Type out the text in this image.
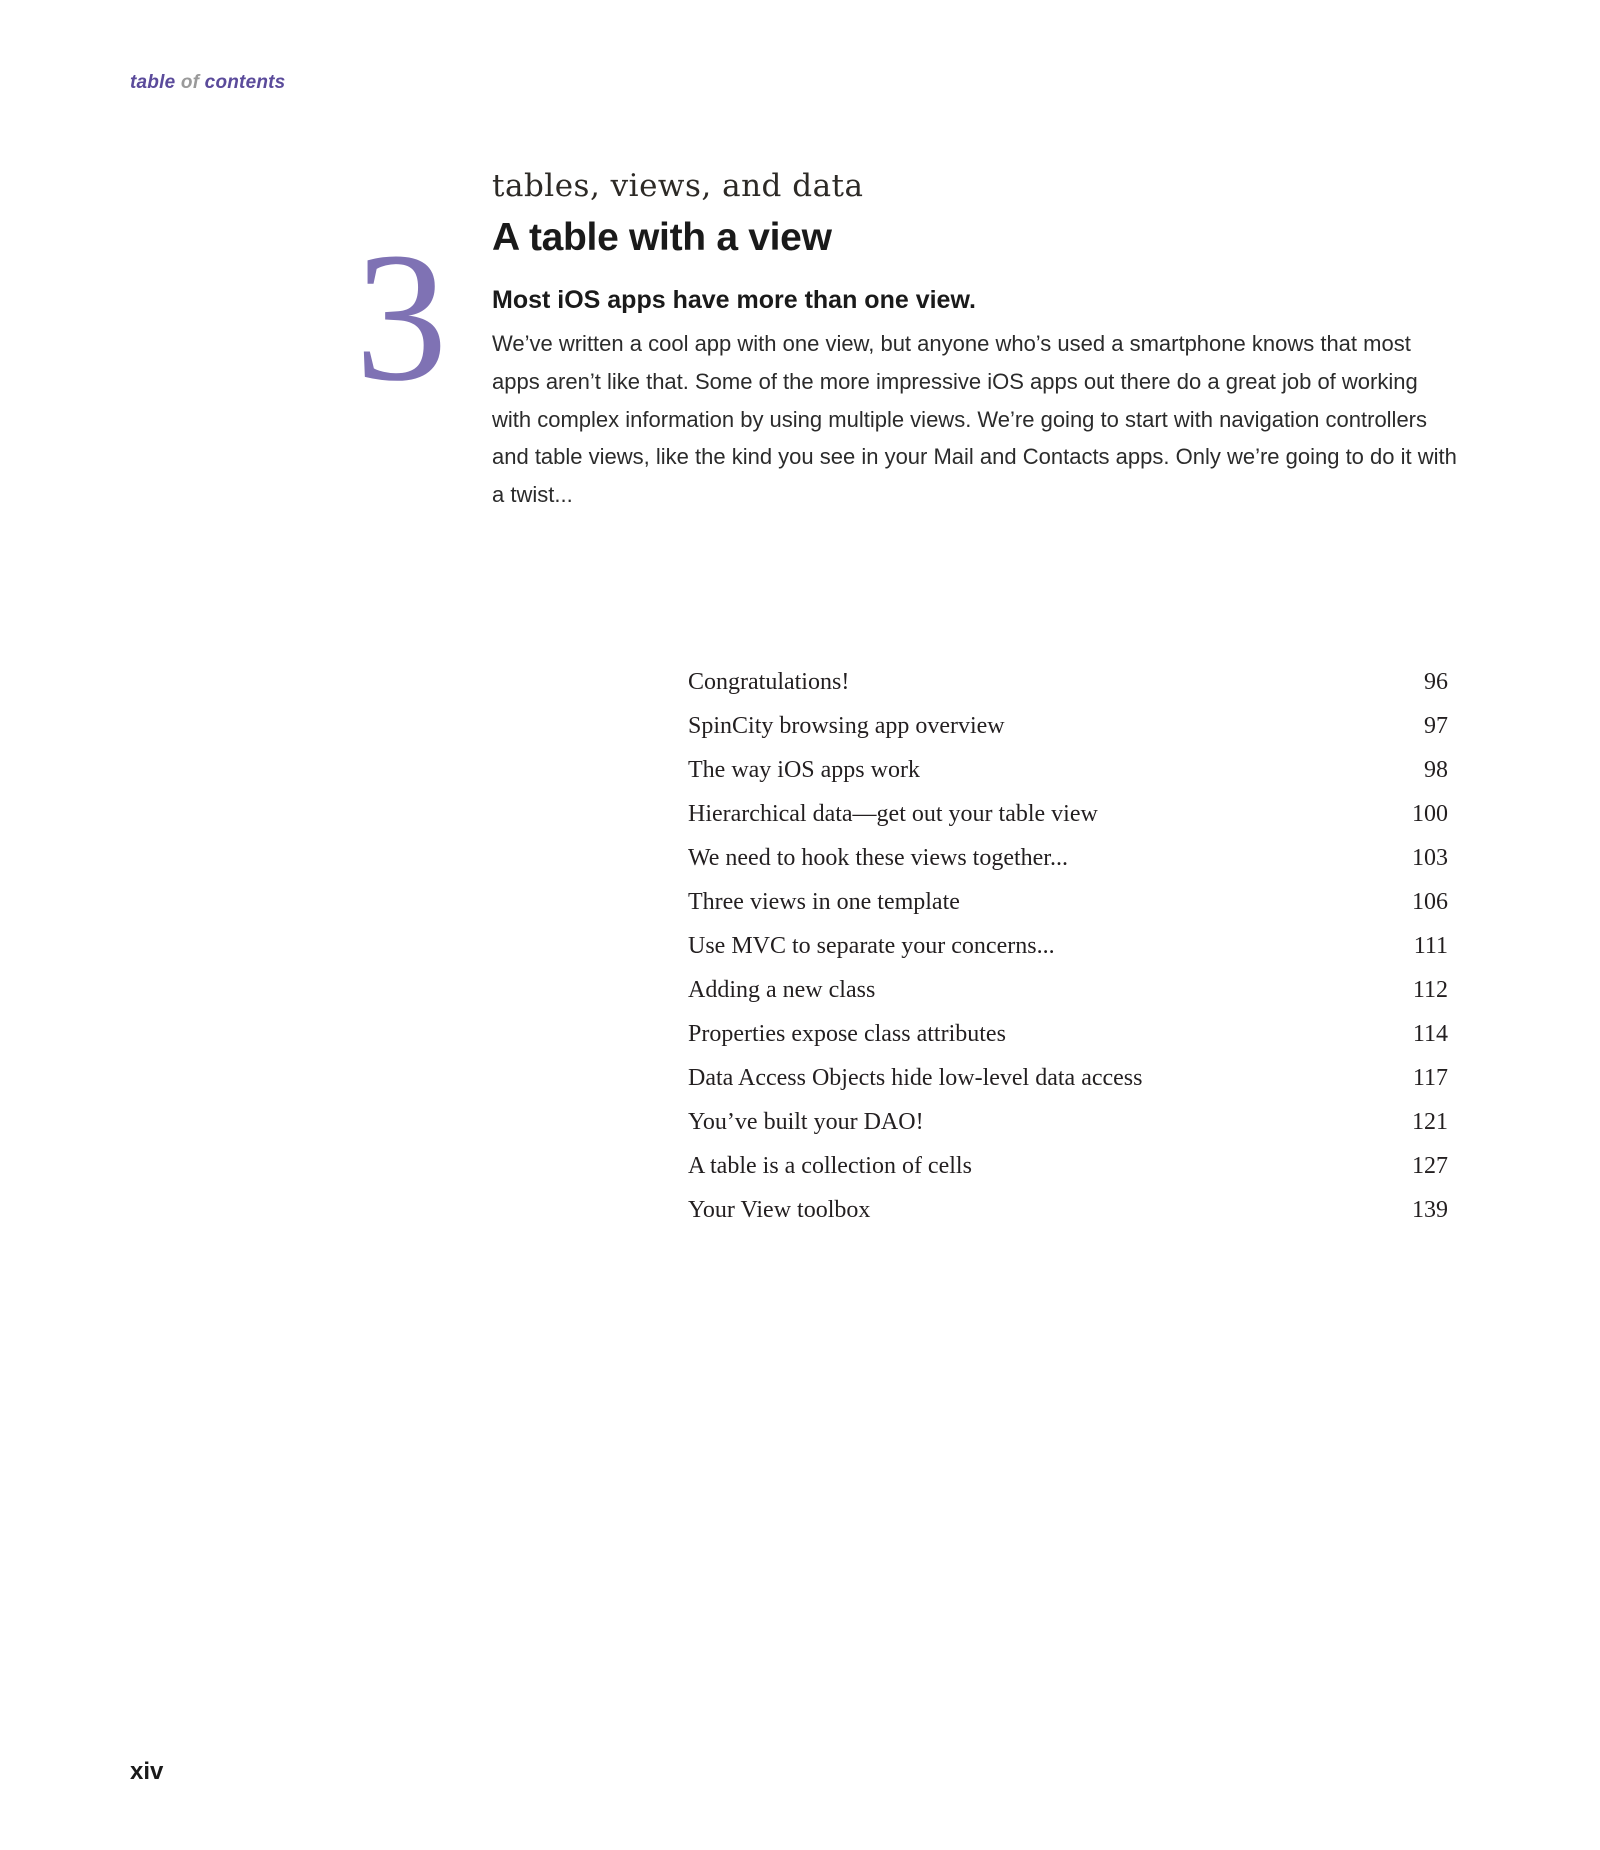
table of contents
3
tables, views, and data
A table with a view
Most iOS apps have more than one view.

We’ve written a cool app with one view, but anyone who’s used a smartphone knows that most apps aren’t like that. Some of the more impressive iOS apps out there do a great job of working with complex information by using multiple views. We’re going to start with navigation controllers and table views, like the kind you see in your Mail and Contacts apps. Only we’re going to do it with a twist...

Congratulations!	96
SpinCity browsing app overview	97
The way iOS apps work	98
Hierarchical data—get out your table view	100
We need to hook these views together...	103
Three views in one template	106
Use MVC to separate your concerns...	111
Adding a new class	112
Properties expose class attributes	114
Data Access Objects hide low-level data access	117
You’ve built your DAO!	121
A table is a collection of cells	127
Your View toolbox	139
xiv
